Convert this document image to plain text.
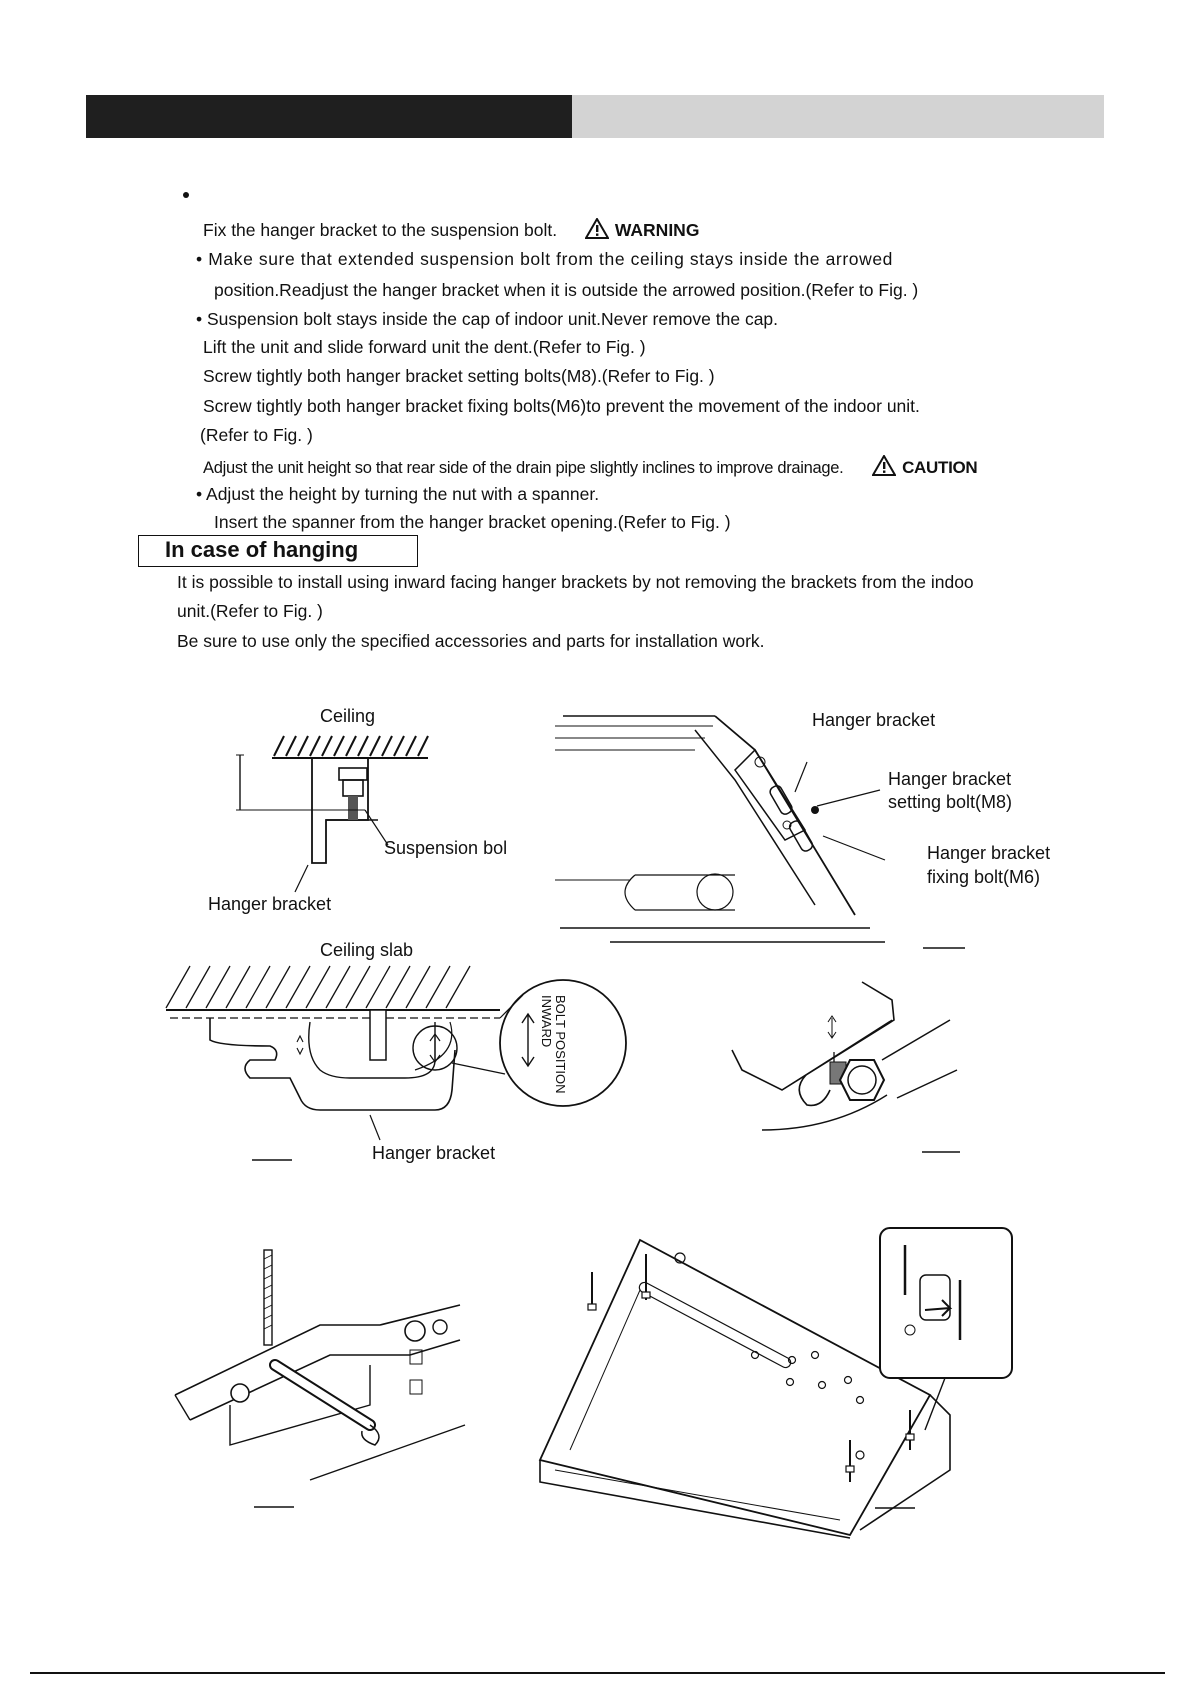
Fix the hanger bracket to the suspension bolt.	WARNING
• Make sure that extended suspension bolt from the ceiling stays inside the arrowed
position.Readjust the hanger bracket when it is outside the arrowed position.(Refer to Fig. )
• Suspension bolt stays inside the cap of indoor unit.Never remove the cap.
Lift the unit and slide forward unit the dent.(Refer to Fig. )
Screw tightly both hanger bracket setting bolts(M8).(Refer to Fig. )
Screw tightly both hanger bracket fixing bolts(M6)to prevent the movement of the indoor unit.
(Refer to Fig. )
Adjust the unit height so that rear side of the drain pipe slightly inclines to improve drainage.	CAUTION
• Adjust the height by turning the nut with a spanner.
Insert the spanner from the hanger bracket opening.(Refer to Fig. )
In case of hanging
It is possible to install using inward facing hanger brackets by not removing the brackets from the indoo
unit.(Refer to Fig. )
Be sure to use only the specified accessories and parts for installation work.
Ceiling
Suspension bol
Hanger bracket
Hanger bracket
Hanger bracket
setting bolt(M8)
Hanger bracket
fixing bolt(M6)
INWARD BOLT POSITION
Ceiling slab
Hanger bracket
